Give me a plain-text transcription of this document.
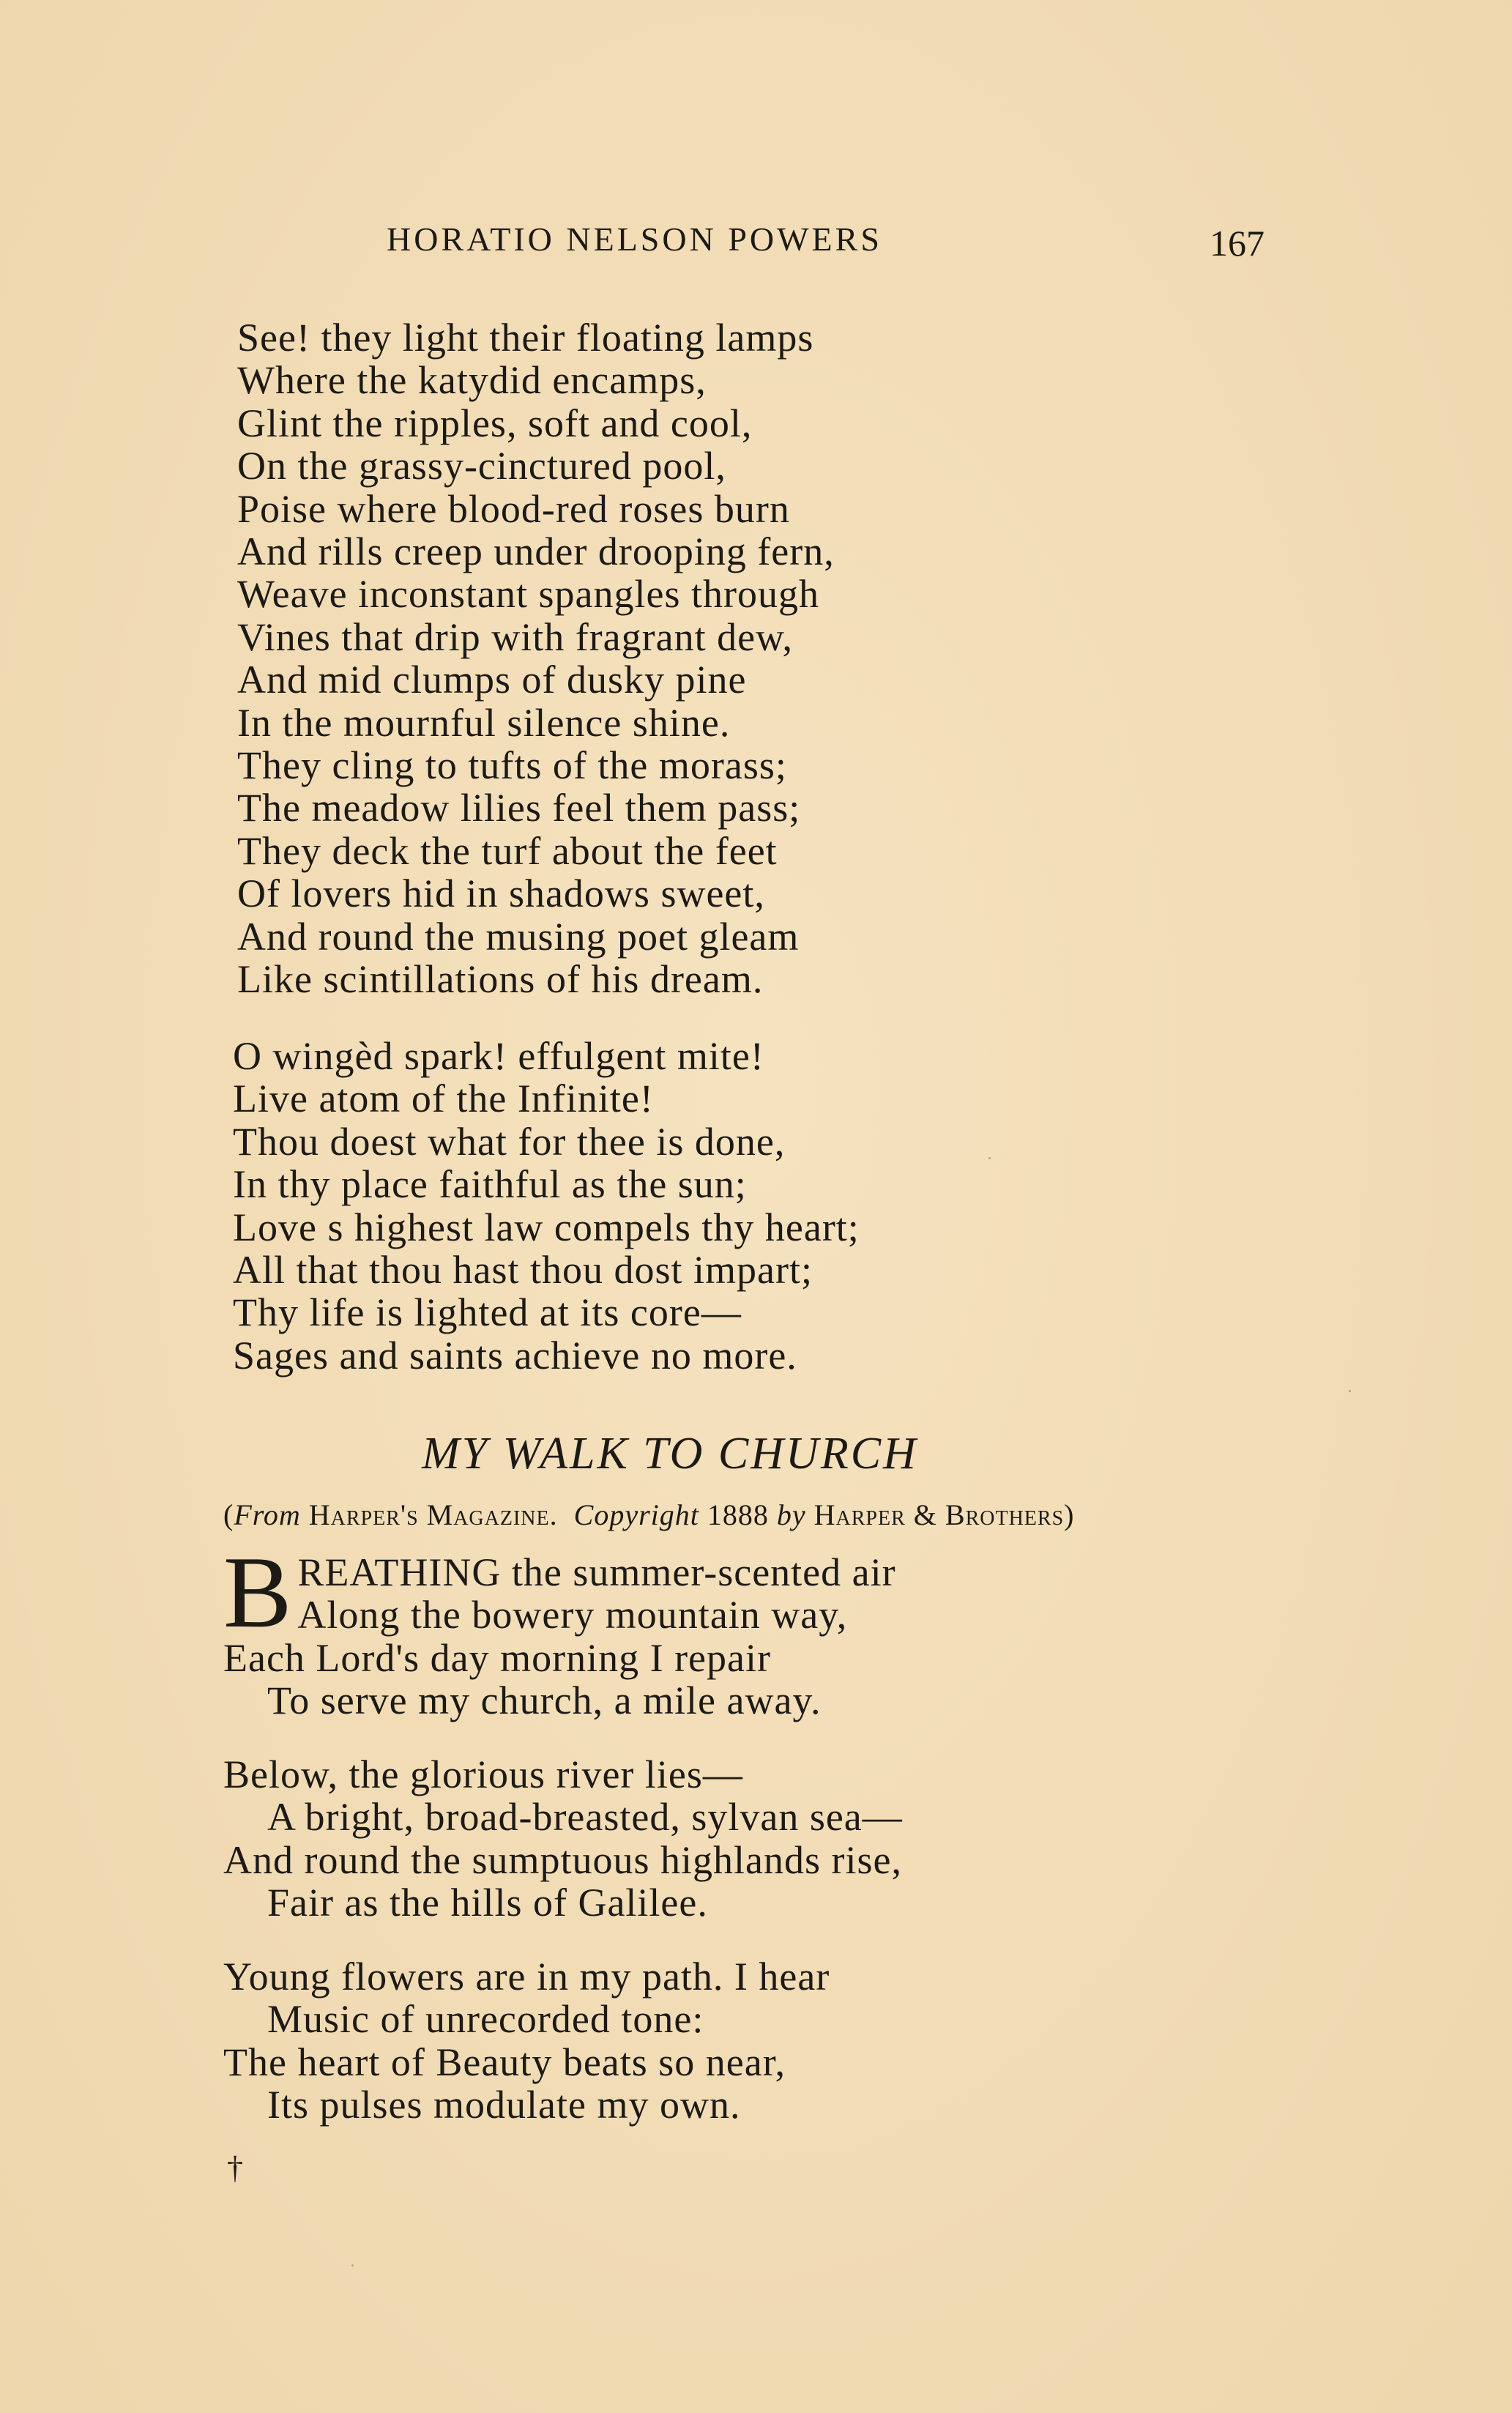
HORATIO NELSON POWERS	167
See! they light their floating lamps
Where the katydid encamps,
Glint the ripples, soft and cool,
On the grassy-cinctured pool,
Poise where blood-red roses burn
And rills creep under drooping fern,
Weave inconstant spangles through
Vines that drip with fragrant dew,
And mid clumps of dusky pine
In the mournful silence shine.
They cling to tufts of the morass;
The meadow lilies feel them pass;
They deck the turf about the feet
Of lovers hid in shadows sweet,
And round the musing poet gleam
Like scintillations of his dream.
O wingèd spark! effulgent mite!
Live atom of the Infinite!
Thou doest what for thee is done,
In thy place faithful as the sun;
Love s highest law compels thy heart;
All that thou hast thou dost impart;
Thy life is lighted at its core—
Sages and saints achieve no more.
MY WALK TO CHURCH
(From Harper's Magazine. Copyright 1888 by Harper & Brothers)
B REATHING the summer-scented air
Along the bowery mountain way,
Each Lord's day morning I repair
To serve my church, a mile away.
Below, the glorious river lies—
A bright, broad-breasted, sylvan sea—
And round the sumptuous highlands rise,
Fair as the hills of Galilee.
Young flowers are in my path. I hear
Music of unrecorded tone:
The heart of Beauty beats so near,
Its pulses modulate my own.
†
